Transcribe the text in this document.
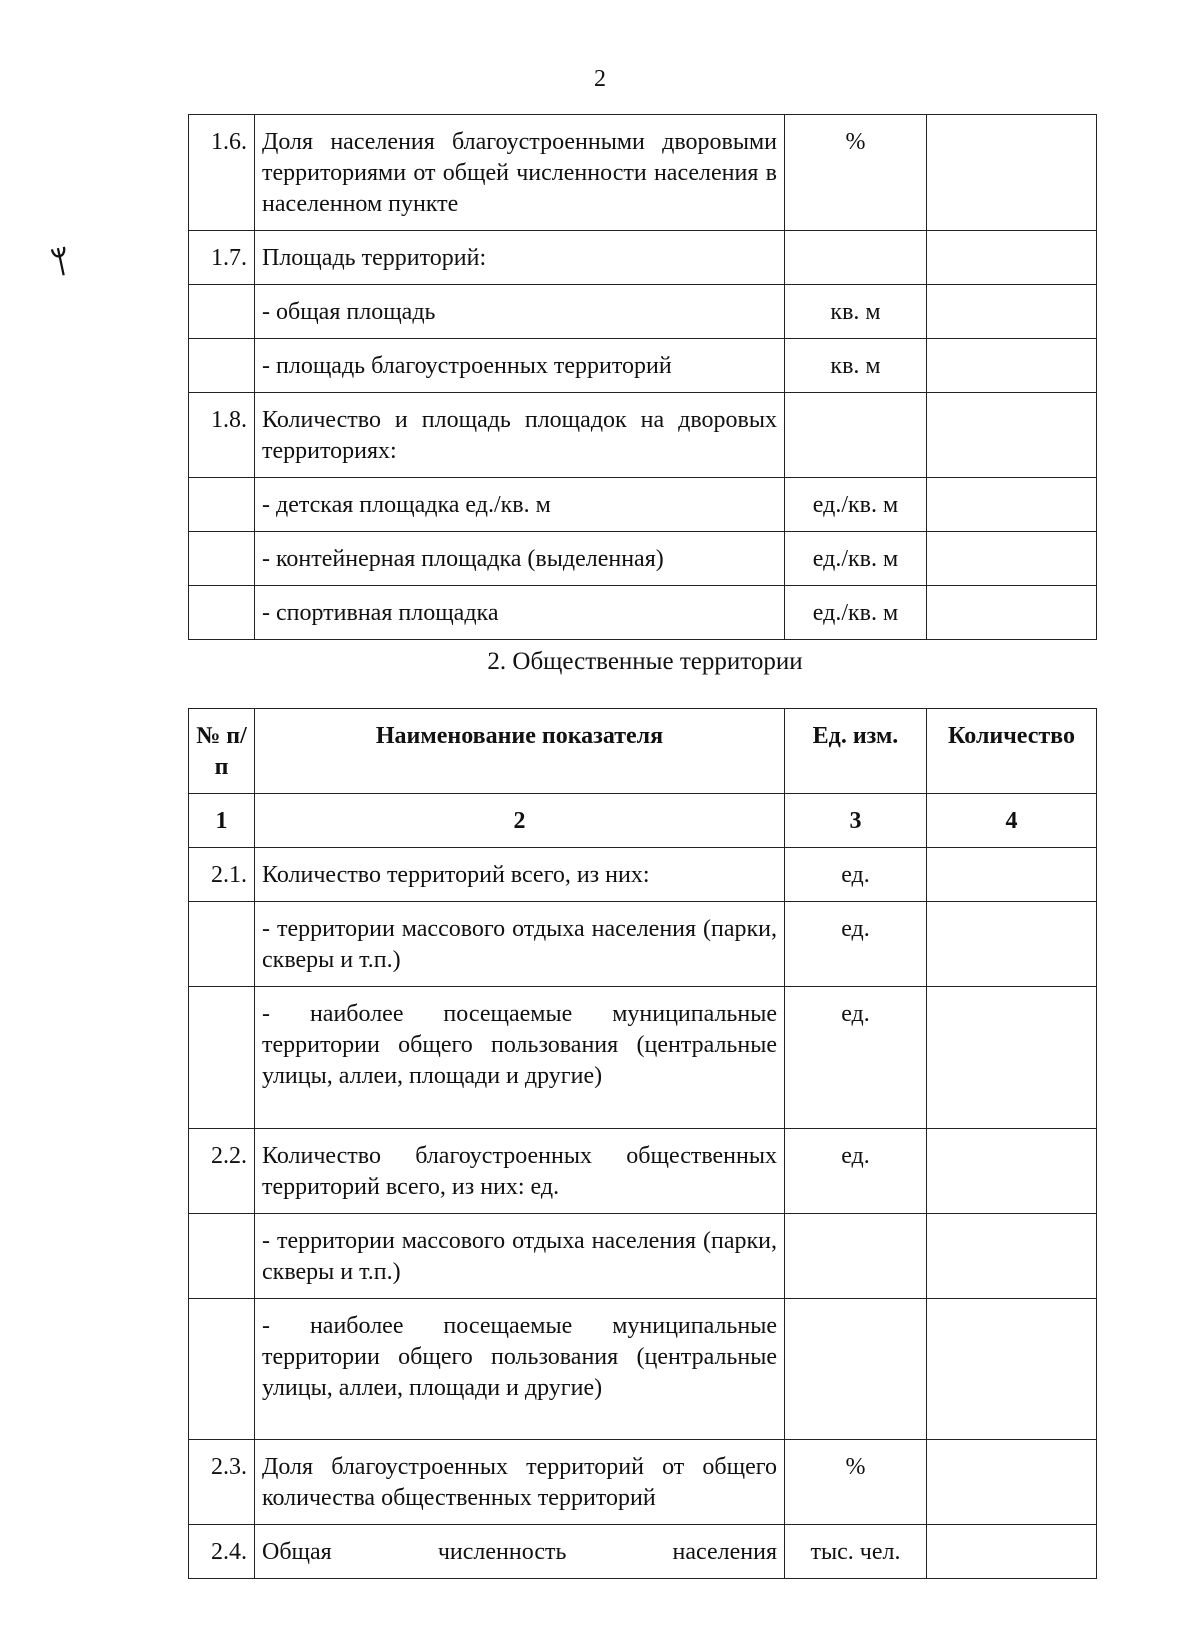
2
ᛘ
1.6.	Доля населения благоустроенными дворовыми территориями от общей численности населения в населенном пункте	%	
1.7.	Площадь территорий:		
	- общая площадь	кв. м	
	- площадь благоустроенных территорий	кв. м	
1.8.	Количество и площадь площадок на дворовых территориях:		
	- детская площадка ед./кв. м	ед./кв. м	
	- контейнерная площадка (выделенная)	ед./кв. м	
	- спортивная площадка	ед./кв. м	
2. Общественные территории
№ п/п	Наименование показателя	Ед. изм.	Количество
1	2	3	4
2.1.	Количество территорий всего, из них:	ед.	
	- территории массового отдыха населения (парки, скверы и т.п.)	ед.	
	- наиболее посещаемые муниципальные территории общего пользования (центральные улицы, аллеи, площади и другие)	ед.	
2.2.	Количество благоустроенных общественных территорий всего, из них: ед.	ед.	
	- территории массового отдыха населения (парки, скверы и т.п.)		
	- наиболее посещаемые муниципальные территории общего пользования (центральные улицы, аллеи, площади и другие)		
2.3.	Доля благоустроенных территорий от общего количества общественных территорий	%	
2.4.	Общая численность населения	тыс. чел.	
